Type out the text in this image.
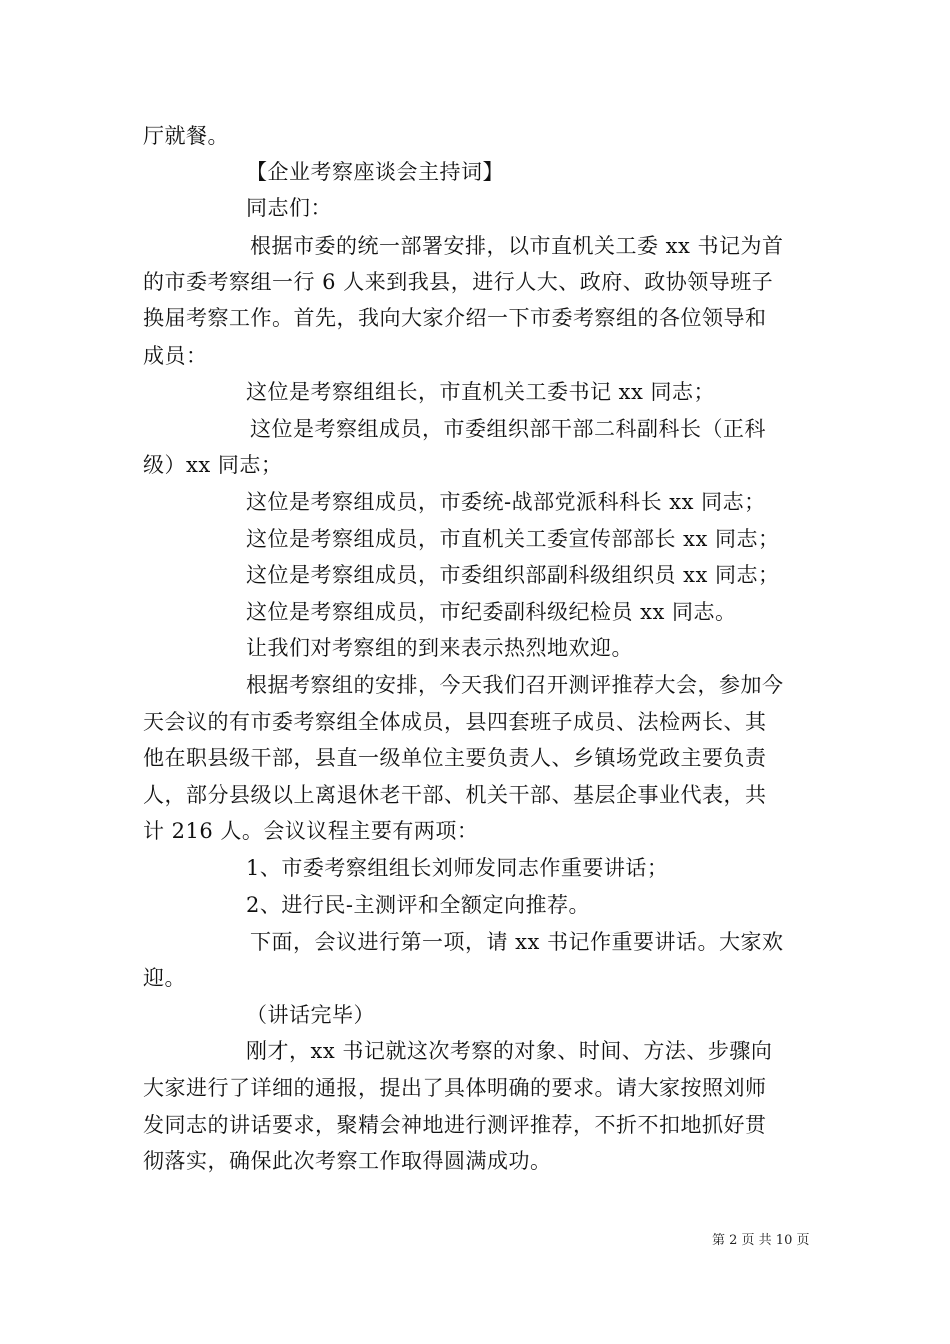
厅就餐。
【企业考察座谈会主持词】
同志们：
根据市委的统一部署安排，以市直机关工委 xx 书记为首
的市委考察组一行 6 人来到我县，进行人大、政府、政协领导班子
换届考察工作。首先，我向大家介绍一下市委考察组的各位领导和
成员：
这位是考察组组长，市直机关工委书记 xx 同志；
这位是考察组成员，市委组织部干部二科副科长（正科
级）xx 同志；
这位是考察组成员，市委统-战部党派科科长 xx 同志；
这位是考察组成员，市直机关工委宣传部部长 xx 同志；
这位是考察组成员，市委组织部副科级组织员 xx 同志；
这位是考察组成员，市纪委副科级纪检员 xx 同志。
让我们对考察组的到来表示热烈地欢迎。
根据考察组的安排，今天我们召开测评推荐大会，参加今
天会议的有市委考察组全体成员，县四套班子成员、法检两长、其
他在职县级干部，县直一级单位主要负责人、乡镇场党政主要负责
人，部分县级以上离退休老干部、机关干部、基层企事业代表，共
计 216 人。会议议程主要有两项：
1、市委考察组组长刘师发同志作重要讲话；
2、进行民-主测评和全额定向推荐。
下面，会议进行第一项，请 xx 书记作重要讲话。大家欢
迎。
（讲话完毕）
刚才，xx 书记就这次考察的对象、时间、方法、步骤向
大家进行了详细的通报，提出了具体明确的要求。请大家按照刘师
发同志的讲话要求，聚精会神地进行测评推荐，不折不扣地抓好贯
彻落实，确保此次考察工作取得圆满成功。
第 2 页 共 10 页
